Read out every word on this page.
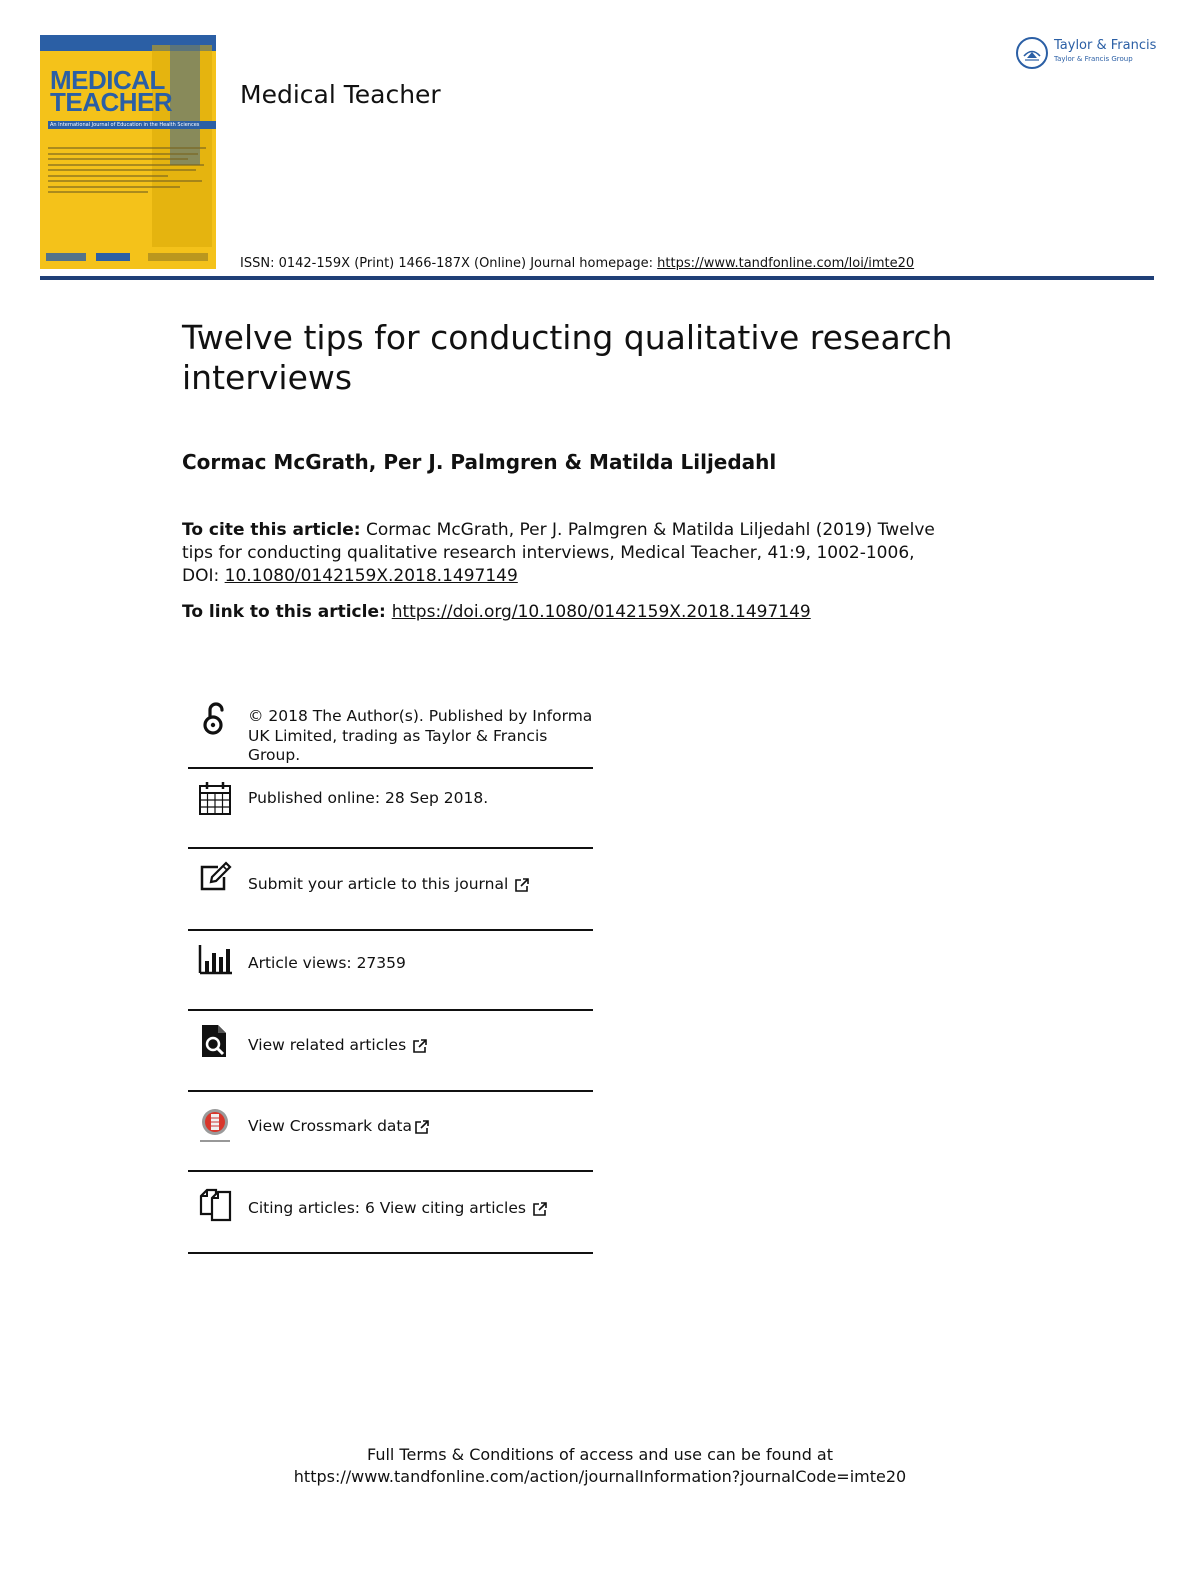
MEDICAL
TEACHER
An International Journal of Education in the Health Sciences
Medical Teacher
ISSN: 0142-159X (Print) 1466-187X (Online) Journal homepage: https://www.tandfonline.com/loi/imte20
Taylor & Francis
Taylor & Francis Group
Twelve tips for conducting qualitative research interviews
Cormac McGrath, Per J. Palmgren & Matilda Liljedahl
To cite this article: Cormac McGrath, Per J. Palmgren & Matilda Liljedahl (2019) Twelve tips for conducting qualitative research interviews, Medical Teacher, 41:9, 1002-1006, DOI: 10.1080/0142159X.2018.1497149
To link to this article: https://doi.org/10.1080/0142159X.2018.1497149
© 2018 The Author(s). Published by Informa UK Limited, trading as Taylor & Francis Group.
Published online: 28 Sep 2018.
Submit your article to this journal
Article views: 27359
View related articles
View Crossmark data
Citing articles: 6 View citing articles
Full Terms & Conditions of access and use can be found at
https://www.tandfonline.com/action/journalInformation?journalCode=imte20
